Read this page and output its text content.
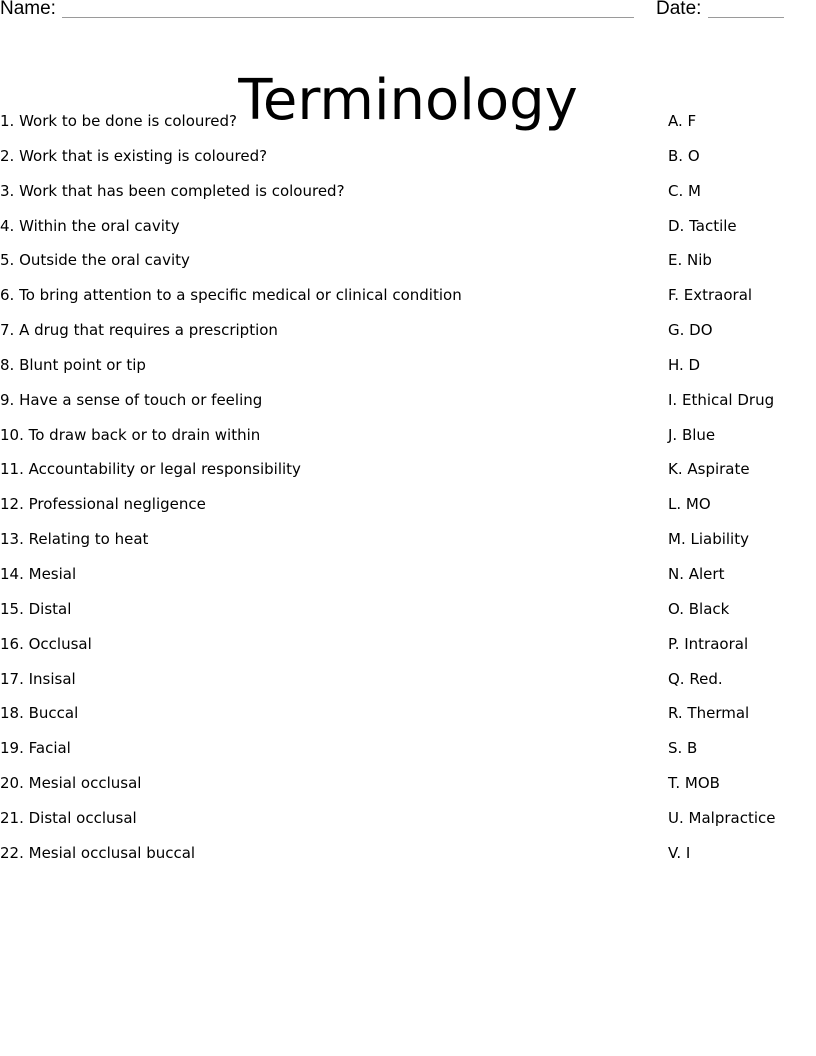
Name:	Date:
Terminology
1. Work to be done is coloured?	A. F
2. Work that is existing is coloured?	B. O
3. Work that has been completed is coloured?	C. M
4. Within the oral cavity	D. Tactile
5. Outside the oral cavity	E. Nib
6. To bring attention to a specific medical or clinical condition	F. Extraoral
7. A drug that requires a prescription	G. DO
8. Blunt point or tip	H. D
9. Have a sense of touch or feeling	I. Ethical Drug
10. To draw back or to drain within	J. Blue
11. Accountability or legal responsibility	K. Aspirate
12. Professional negligence	L. MO
13. Relating to heat	M. Liability
14. Mesial	N. Alert
15. Distal	O. Black
16. Occlusal	P. Intraoral
17. Insisal	Q. Red.
18. Buccal	R. Thermal
19. Facial	S. B
20. Mesial occlusal	T. MOB
21. Distal occlusal	U. Malpractice
22. Mesial occlusal buccal	V. I
